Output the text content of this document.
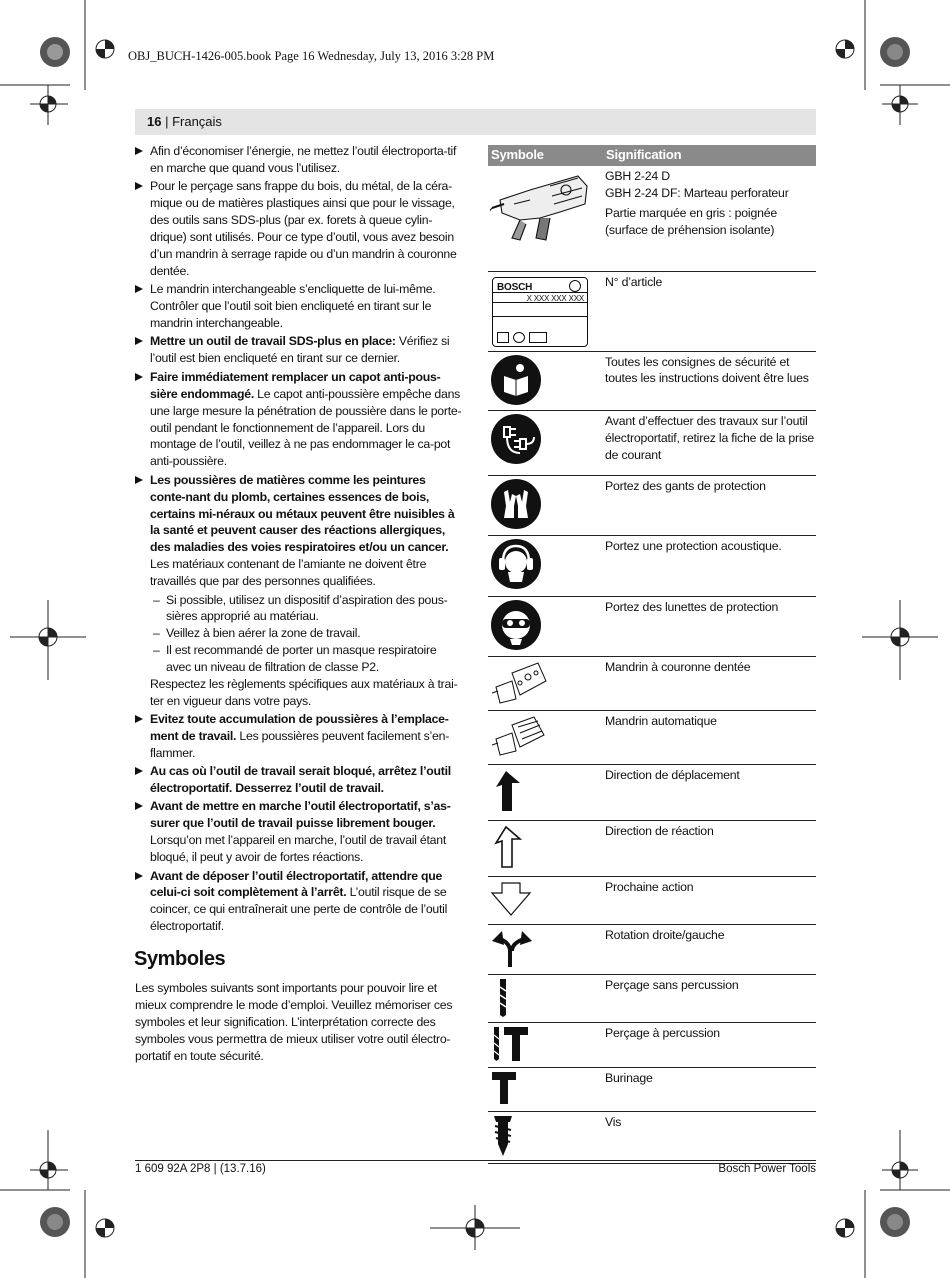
OBJ_BUCH-1426-005.book Page 16 Wednesday, July 13, 2016 3:28 PM
16 | Français
Afin d’économiser l’énergie, ne mettez l’outil électroporta-tif en marche que quand vous l’utilisez.
Pour le perçage sans frappe du bois, du métal, de la céra-mique ou de matières plastiques ainsi que pour le vissage, des outils sans SDS-plus (par ex. forets à queue cylin-drique) sont utilisés. Pour ce type d’outil, vous avez besoin d’un mandrin à serrage rapide ou d’un mandrin à couronne dentée.
Le mandrin interchangeable s’encliquette de lui-même. Contrôler que l’outil soit bien encliqueté en tirant sur le mandrin interchangeable.
Mettre un outil de travail SDS-plus en place: Vérifiez si l’outil est bien encliqueté en tirant sur ce dernier.
Faire immédiatement remplacer un capot anti-pous-sière endommagé. Le capot anti-poussière empêche dans une large mesure la pénétration de poussière dans le porte-outil pendant le fonctionnement de l’appareil. Lors du montage de l’outil, veillez à ne pas endommager le ca-pot anti-poussière.
Les poussières de matières comme les peintures conte-nant du plomb, certaines essences de bois, certains mi-néraux ou métaux peuvent être nuisibles à la santé et peuvent causer des réactions allergiques, des maladies des voies respiratoires et/ou un cancer. Les matériaux contenant de l’amiante ne doivent être travaillés que par des personnes qualifiées.
– Si possible, utilisez un dispositif d’aspiration des pous-sières approprié au matériau.
– Veillez à bien aérer la zone de travail.
– Il est recommandé de porter un masque respiratoire avec un niveau de filtration de classe P2.
Respectez les règlements spécifiques aux matériaux à trai-ter en vigueur dans votre pays.
Evitez toute accumulation de poussières à l’emplace-ment de travail. Les poussières peuvent facilement s’en-flammer.
Au cas où l’outil de travail serait bloqué, arrêtez l’outil électroportatif. Desserrez l’outil de travail.
Avant de mettre en marche l’outil électroportatif, s’as-surer que l’outil de travail puisse librement bouger. Lorsqu’on met l’appareil en marche, l’outil de travail étant bloqué, il peut y avoir de fortes réactions.
Avant de déposer l’outil électroportatif, attendre que celui-ci soit complètement à l’arrêt. L’outil risque de se coincer, ce qui entraînerait une perte de contrôle de l’outil électroportatif.
Symboles
Les symboles suivants sont importants pour pouvoir lire et mieux comprendre le mode d’emploi. Veuillez mémoriser ces symboles et leur signification. L’interprétation correcte des symboles vous permettra de mieux utiliser votre outil électro-portatif en toute sécurité.
Symbole	Signification

GBH 2-24 D
GBH 2-24 DF: Marteau perforateur
Partie marquée en gris : poignée (surface de préhension isolante)

BOSCH
X XXX XXX XXX	N° d’article
	Toutes les consignes de sécurité et toutes les instructions doivent être lues
	Avant d’effectuer des travaux sur l’outil électroportatif, retirez la fiche de la prise de courant
	Portez des gants de protection
	Portez une protection acoustique.
	Portez des lunettes de protection
	Mandrin à couronne dentée
	Mandrin automatique
	Direction de déplacement
	Direction de réaction
	Prochaine action
	Rotation droite/gauche
	Perçage sans percussion
	Perçage à percussion
	Burinage
	Vis
1 609 92A 2P8 | (13.7.16)	Bosch Power Tools
